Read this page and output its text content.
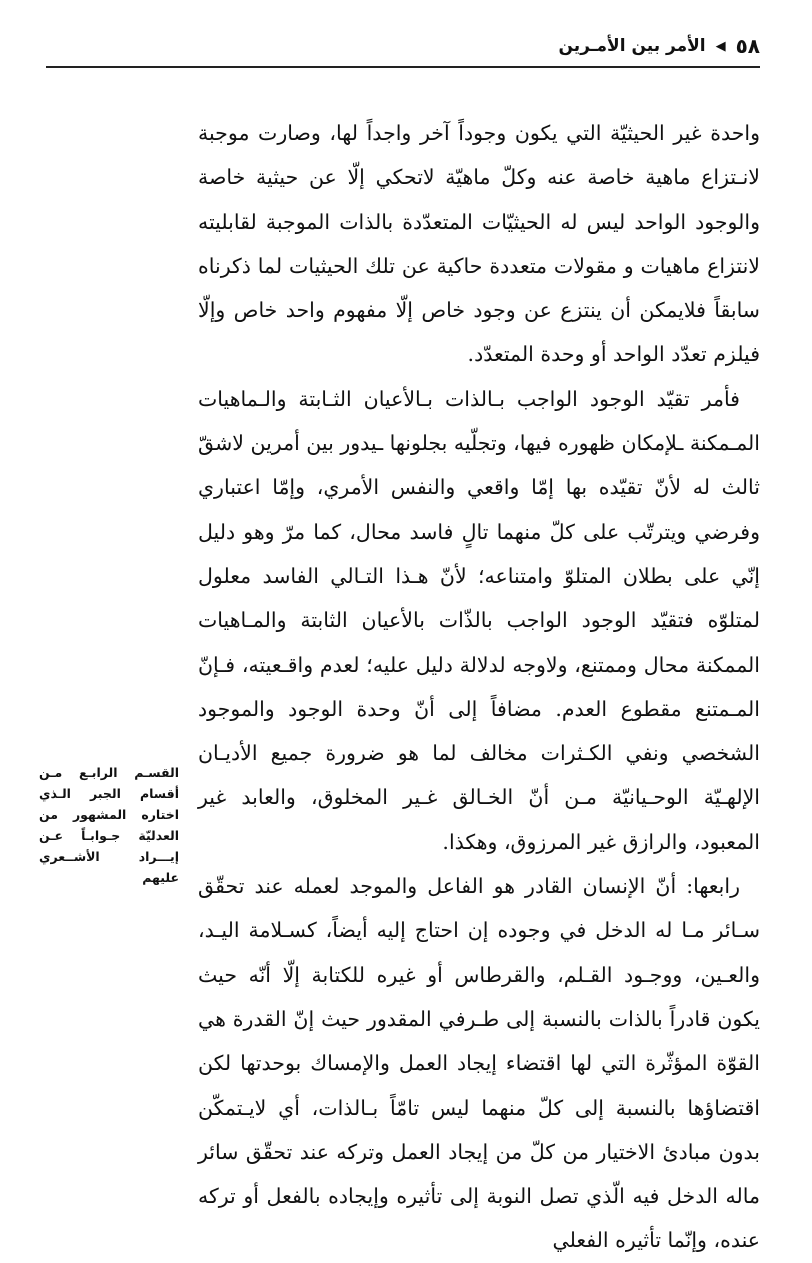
٥٨
◀
الأمر بين الأمـرين

واحدة غير الحيثيّة التي يكون وجوداً آخر واجداً لها، وصارت موجبة لانـتزاع ماهية خاصة عنه وكلّ ماهيّة لاتحكي إلّا عن حيثية خاصة والوجود الواحد ليس له الحيثيّات المتعدّدة بالذات الموجبة لقابليته لانتزاع ماهيات و مقولات متعددة حاكية عن تلك الحيثيات لما ذكرناه سابقاً فلايمكن أن ينتزع عن وجود خاص إلّا مفهوم واحد خاص وإلّا فيلزم تعدّد الواحد أو وحدة المتعدّد.

فأمر تقيّد الوجود الواجب بـالذات بـالأعيان الثـابتة والـماهيات المـمكنة ـلإمكان ظهوره فيها، وتجلّيه بجلونها ـيدور بين أمرين لاشقّ ثالث له لأنّ تقيّده بها إمّا واقعي والنفس الأمري، وإمّا اعتباري وفرضي ويترتّب على كلّ منهما تالٍ فاسد محال، كما مرّ وهو دليل إنّي على بطلان المتلوّ وامتناعه؛ لأنّ هـذا التـالي الفاسد معلول لمتلوّه فتقيّد الوجود الواجب بالذّات بالأعيان الثابتة والمـاهيات الممكنة محال وممتنع، ولاوجه لدلالة دليل عليه؛ لعدم واقـعيته، فـإنّ المـمتنع مقطوع العدم. مضافاً إلى أنّ وحدة الوجود والموجود الشخصي ونفي الكـثرات مخالف لما هو ضرورة جميع الأديـان الإلهـيّة الوحـيانيّة مـن أنّ الخـالق غـير المخلوق، والعابد غير المعبود، والرازق غير المرزوق، وهكذا.

رابعها: أنّ الإنسان القادر هو الفاعل والموجد لعمله عند تحقّق سـائر مـا له الدخل في وجوده إن احتاج إليه أيضاً، كسـلامة اليـد، والعـين، ووجـود القـلم، والقرطاس أو غيره للكتابة إلّا أنّه حيث يكون قادراً بالذات بالنسبة إلى طـرفي المقدور حيث إنّ القدرة هي القوّة المؤثّرة التي لها اقتضاء إيجاد العمل والإمساك بوحدتها لكن اقتضاؤها بالنسبة إلى كلّ منهما ليس تامّاً بـالذات، أي لايـتمكّن بدون مبادئ الاختيار من كلّ من إيجاد العمل وتركه عند تحقّق سائر ماله الدخل فيه الّذي تصل النوبة إلى تأثيره وإيجاده بالفعل أو تركه عنده، وإنّما تأثيره الفعلي

القسـم الرابـع مـن أقسام الجبر الـذي اختاره المشهور من العدليّة جـوابـاً عـن إيـــراد الأشــعري عليهم
